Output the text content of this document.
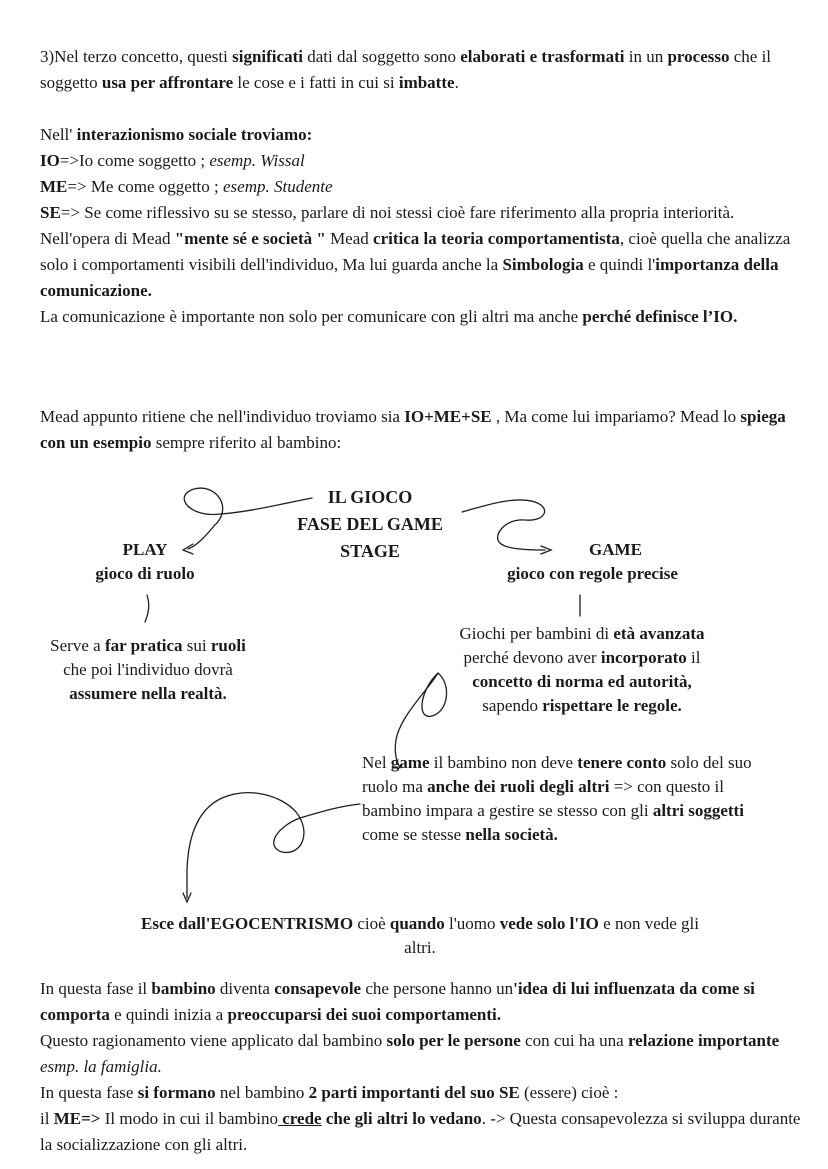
3)Nel terzo concetto, questi significati dati dal soggetto sono elaborati e trasformati in un processo che il soggetto usa per affrontare le cose e i fatti in cui si imbatte.

Nell' interazionismo sociale troviamo:
IO=>Io come soggetto ; esemp. Wissal
ME=> Me come oggetto ; esemp. Studente
SE=> Se come riflessivo su se stesso, parlare di noi stessi cioè fare riferimento alla propria interiorità.
Nell'opera di Mead "mente sé e società " Mead critica la teoria comportamentista, cioè quella che analizza solo i comportamenti visibili dell'individuo, Ma lui guarda anche la Simbologia e quindi l'importanza della comunicazione.
La comunicazione è importante non solo per comunicare con gli altri ma anche perché definisce l’IO.

Mead appunto ritiene che nell'individuo troviamo sia IO+ME+SE , Ma come lui impariamo? Mead lo spiega con un esempio sempre riferito al bambino:

IL GIOCO
FASE DEL GAME
STAGE
PLAY
gioco di ruolo
GAME
gioco con regole precise

Serve a far pratica sui ruoli che poi l'individuo dovrà assumere nella realtà.

Giochi per bambini di età avanzata perché devono aver incorporato il concetto di norma ed autorità, sapendo rispettare le regole.

Nel game il bambino non deve tenere conto solo del suo ruolo ma anche dei ruoli degli altri => con questo il bambino impara a gestire se stesso con gli altri soggetti come se stesse nella società.

Esce dall'EGOCENTRISMO cioè quando l'uomo vede solo l'IO e non vede gli altri.

In questa fase il bambino diventa consapevole che persone hanno un'idea di lui influenzata da come si comporta e quindi inizia a preoccuparsi dei suoi comportamenti.
Questo ragionamento viene applicato dal bambino solo per le persone con cui ha una relazione importante esmp. la famiglia.
In questa fase si formano nel bambino 2 parti importanti del suo SE (essere) cioè :
il ME=> Il modo in cui il bambino crede che gli altri lo vedano. -> Questa consapevolezza si sviluppa durante la socializzazione con gli altri.
